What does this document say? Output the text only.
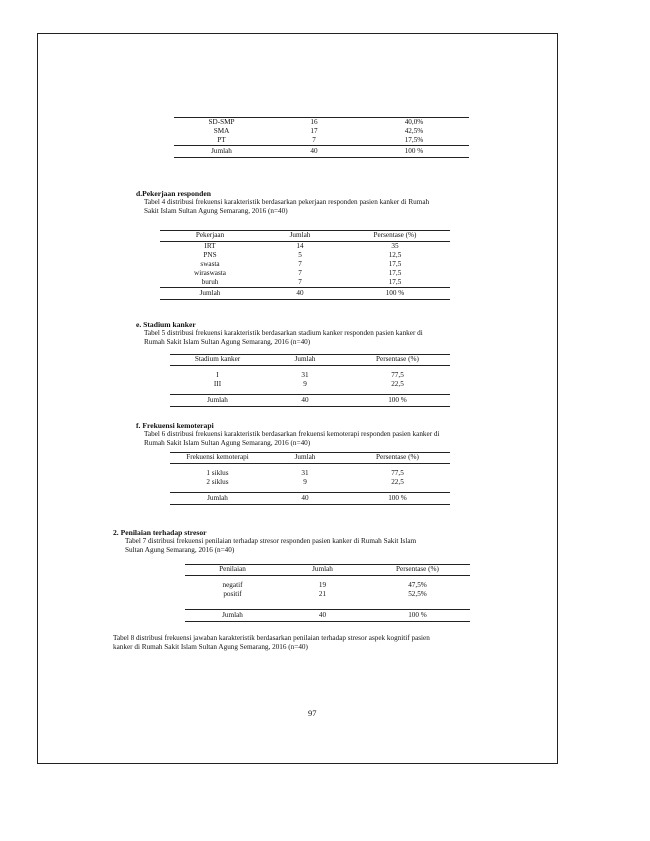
SD-SMP	16	40,0%
SMA	17	42,5%
PT	7	17,5%
Jumlah	40	100 %
d.Pekerjaan responden
Tabel 4 distribusi frekuensi karakteristik berdasarkan pekerjaan responden pasien kanker di Rumah
Sakit Islam Sultan Agung Semarang, 2016 (n=40)
Pekerjaan	Jumlah	Persentase (%)
IRT	14	35
PNS	5	12,5
swasta	7	17,5
wiraswasta	7	17,5
buruh	7	17,5
Jumlah	40	100 %
e. Stadium kanker
Tabel 5 distribusi frekuensi karakteristik berdasarkan stadium kanker responden pasien kanker di
Rumah Sakit Islam Sultan Agung Semarang, 2016 (n=40)
Stadium kanker	Jumlah	Persentase (%)

I	31	77,5
III	9	22,5

Jumlah	40	100 %
f. Frekuensi kemoterapi
Tabel 6 distribusi frekuensi karakteristik berdasarkan frekuensi kemoterapi responden pasien kanker di
Rumah Sakit Islam Sultan Agung Semarang, 2016 (n=40)
Frekuensi kemoterapi	Jumlah	Persentase (%)

1 siklus	31	77,5
2 siklus	9	22,5

Jumlah	40	100 %
2. Penilaian terhadap stresor
Tabel 7 distribusi frekuensi penilaian terhadap stresor responden pasien kanker di Rumah Sakit Islam
Sultan Agung Semarang, 2016 (n=40)
Penilaian	Jumlah	Persentase (%)

negatif	19	47,5%
positif	21	52,5%

Jumlah	40	100 %
Tabel 8 distribusi frekuensi jawaban karakteristik berdasarkan penilaian terhadap stresor aspek kognitif pasien
kanker di Rumah Sakit Islam Sultan Agung Semarang, 2016 (n=40)
97
